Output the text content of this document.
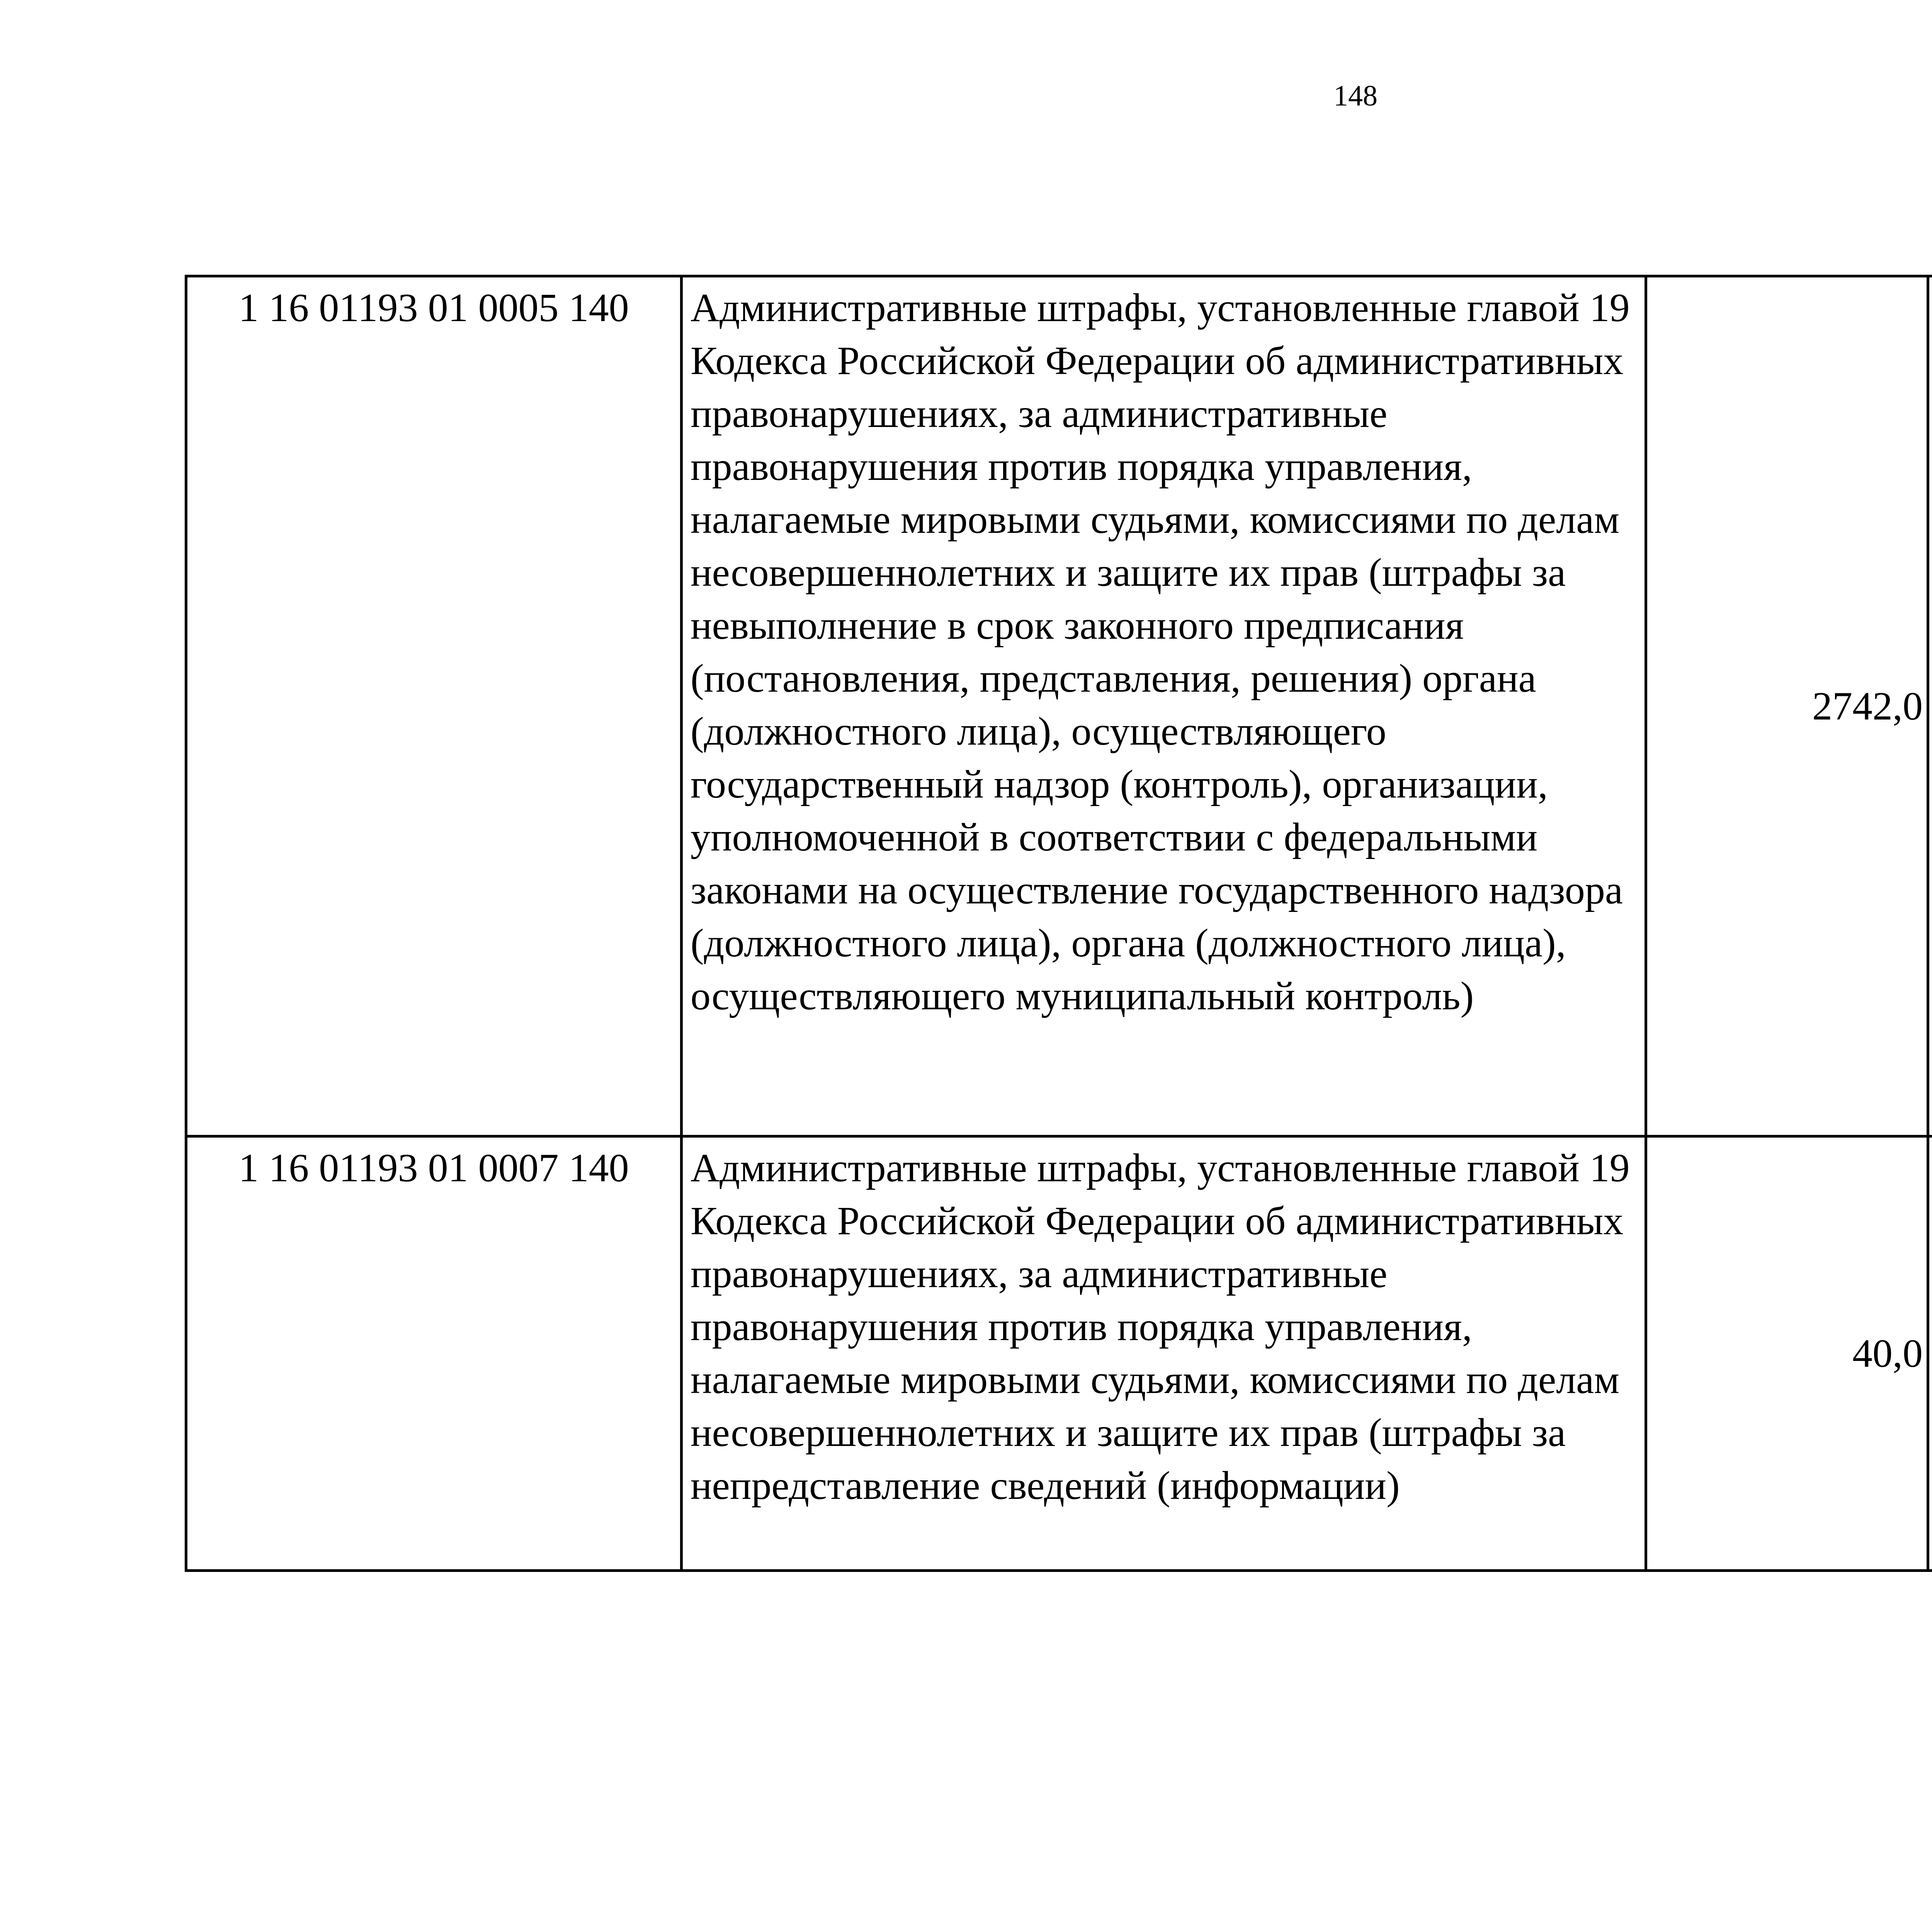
148
1 16 01193 01 0005 140	Административные штрафы, установленные главой 19 Кодекса Российской Федерации об административных правонарушениях, за административные правонарушения против порядка управления, налагаемые мировыми судьями, комиссиями по делам несовершеннолетних и защите их прав (штрафы за невыполнение в срок законного предписания (постановления, представления, решения) органа (должностного лица), осуществляющего государственный надзор (контроль), организации, уполномоченной в соответствии с федеральными законами на осуществление государственного надзора (должностного лица), органа (должностного лица), осуществляющего муниципальный контроль)	2742,0		
1 16 01193 01 0007 140	Административные штрафы, установленные главой 19 Кодекса Российской Федерации об административных правонарушениях, за административные правонарушения против порядка управления, налагаемые мировыми судьями, комиссиями по делам несовершеннолетних и защите их прав (штрафы за непредставление сведений (информации)	40,0		
